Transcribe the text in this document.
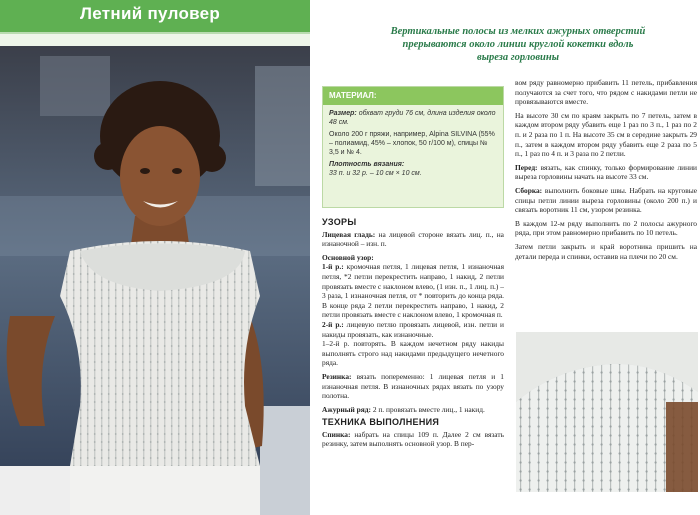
Летний пуловер
Вертикальные полосы из мелких ажурных отверстий прерываются около линии круглой кокетки вдоль выреза горловины
МАТЕРИАЛ:

Размер: обхват груди 76 см, длина изделия около 48 см.

Около 200 г пряжи, например, Alpina SILVINA (55% – полиамид, 45% – хлопок, 50 г/100 м), спицы № 3,5 и № 4.

Плотность вязания:
33 п. и 32 р. – 10 см × 10 см.

УЗОРЫ

Лицевая гладь: на лицевой стороне вязать лиц. п., на изнаночной – изн. п.

Основной узор:
1-й р.: кромочная петля, 1 лицевая петля, 1 изнаночная петля, *2 петли перекрестить направо, 1 накид, 2 петли провязать вместе с наклоном влево, (1 изн. п., 1 лиц. п.) – 3 раза, 1 изнаночная петля, от * повторить до конца ряда. В конце ряда 2 петли перекрестить направо, 1 накид, 2 петли провязать вместе с наклоном влево, 1 кромочная п.
2-й р.: лицевую петлю провязать лицевой, изн. петли и накиды провязать, как изнаночные.
1–2-й р. повторять. В каждом нечетном ряду накиды выполнять строго над накидами предыдущего нечетного ряда.

Резинка: вязать попеременно: 1 лицевая петля и 1 изнаночная петля. В изнаночных рядах вязать по узору полотна.

Ажурный ряд: 2 п. провязать вместе лиц., 1 накид.

ТЕХНИКА ВЫПОЛНЕНИЯ

Спинка: набрать на спицы 109 п. Далее 2 см вязать резинку, затем выполнять основной узор. В пер-

вом ряду равномерно прибавить 11 петель, прибавления получаются за счет того, что рядом с накидами петли не провязываются вместе.

На высоте 30 см по краям закрыть по 7 петель, затем в каждом втором ряду убавить еще 1 раз по 3 п., 1 раз по 2 п. и 2 раза по 1 п. На высоте 35 см в середине закрыть 29 п., затем в каждом втором ряду убавить еще 2 раза по 5 п., 1 раз по 4 п. и 3 раза по 2 петли.

Перед: вязать, как спинку, только формирование линии выреза горловины начать на высоте 33 см.

Сборка: выполнить боковые швы. Набрать на круговые спицы петли линии выреза горловины (около 200 п.) и связать воротник 11 см, узором резинка.

В каждом 12-м ряду выполнить по 2 полосы ажурного ряда, при этом равномерно прибавить по 10 петель.

Затем петли закрыть и край воротника пришить на детали переда и спинки, оставив на плечи по 20 см.
